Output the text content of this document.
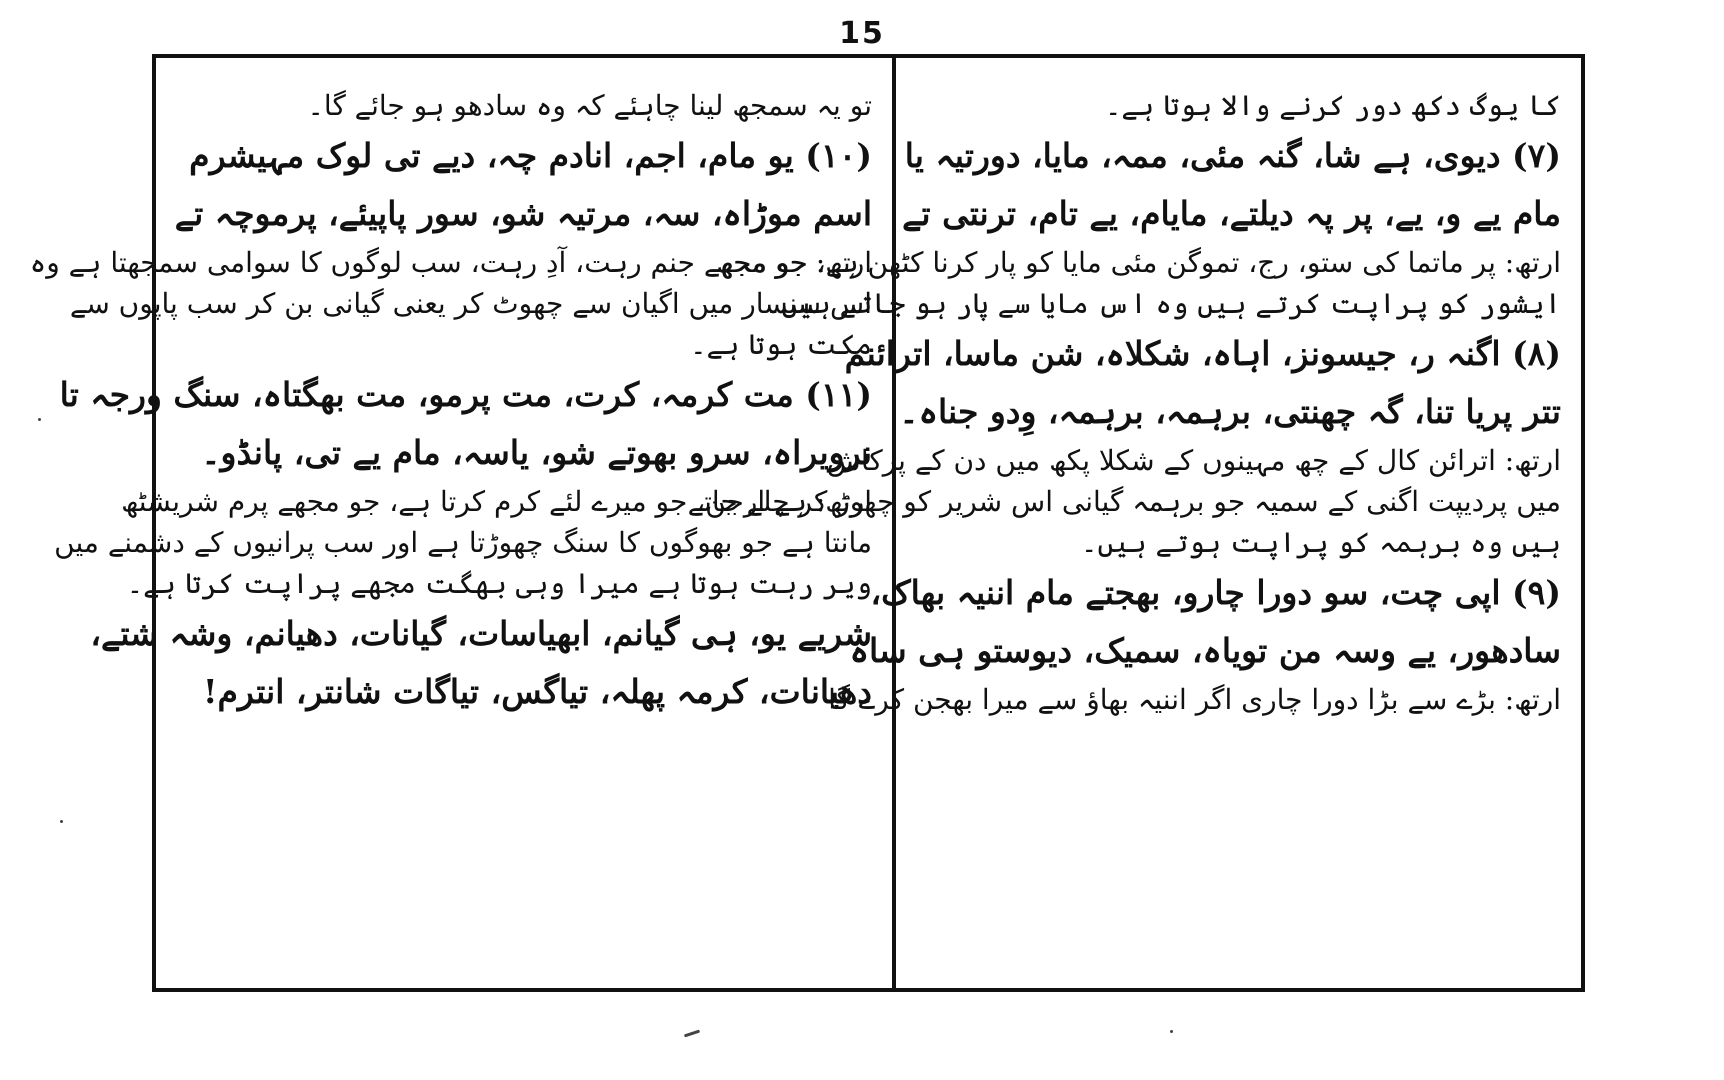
15
تو یہ سمجھ لینا چاہئے کہ وہ سادھو ہو جائے گا۔
(۱۰) یو مام، اجم، انادم چہ، دیے تی لوک مہیشرم
اسم موڑاہ، سہ، مرتیہ شو، سور پاپیئے، پرموچہ تے
ارتھ: جو مجھے جنم رہت، آدِ رہت، سب لوگوں کا سوامی سمجھتا ہے وہ
اس سنسار میں اگیان سے چھوٹ کر یعنی گیانی بن کر سب پاپوں سے
مکت ہوتا ہے۔
(۱۱) مت کرمہ، کرت، مت پرمو، مت بھگتاہ، سنگ ورجہ تا
نرویراہ، سرو بھوتے شو، یاسہ، مام یے تی، پانڈو۔
ارتھ: ہے ارجن، جو میرے لئے کرم کرتا ہے، جو مجھے پرم شریشٹھ
مانتا ہے جو بھوگوں کا سنگ چھوڑتا ہے اور سب پرانیوں کے دشمنے میں
ویر رہت ہوتا ہے میرا وہی بھگت مجھے پراپت کرتا ہے۔
شریے یو، ہی گیانم، ابھیاسات، گیانات، دھیانم، وشہ شتے،
دھیانات، کرمہ پھلہ، تیاگس، تیاگات شانتر، انترم!
کا یوگ دکھ دور کرنے والا ہوتا ہے۔
(۷) دیوی، ہے شا، گنہ مئی، ممہ، مایا، دورتیہ یا
مام یے و، یے، پر پہ دیلتے، مایام، یے تام، ترنتی تے
ارتھ: پر ماتما کی ستو، رج، تموگن مئی مایا کو پار کرنا کٹھن ہے، جو مجھ
ایشور کو پراپت کرتے ہیں وہ اس مایا سے پار ہو جاتے ہیں۔
(۸) اگنہ ر، جیسونز، اہاہ، شکلاہ، شن ماسا، اترائنم
تتر پریا تنا، گہ چھنتی، برہمہ، برہمہ، وِدو جناہ۔
ارتھ: اترائن کال کے چھ مہینوں کے شکلا پکھ میں دن کے پرکاش
میں پردیپت اگنی کے سمیہ جو برہمہ گیانی اس شریر کو چھوڑ کر چلے جاتے
ہیں وہ برہمہ کو پراپت ہوتے ہیں۔
(۹) اپی چت، سو دورا چارو، بھجتے مام اننیہ بھاک،
سادھور، یے وسہ من تویاہ، سمیک، دیوستو ہی ساہ
ارتھ: بڑے سے بڑا دورا چاری اگر اننیہ بھاؤ سے میرا بھجن کرے گا
